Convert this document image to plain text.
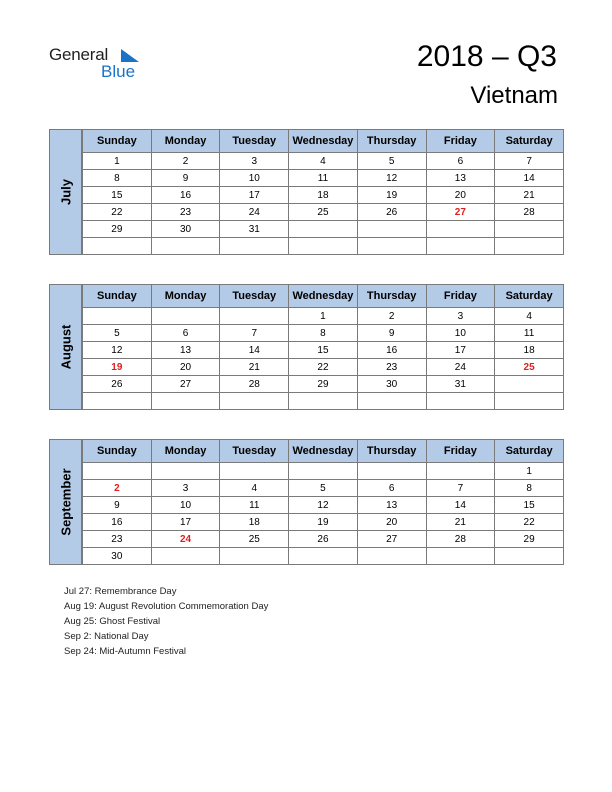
General
Blue	2018 – Q3
Vietnam
July
Sunday	Monday	Tuesday	Wednesday	Thursday	Friday	Saturday
1	2	3	4	5	6	7
8	9	10	11	12	13	14
15	16	17	18	19	20	21
22	23	24	25	26	27	28
29	30	31				

August
Sunday	Monday	Tuesday	Wednesday	Thursday	Friday	Saturday
			1	2	3	4
5	6	7	8	9	10	11
12	13	14	15	16	17	18
19	20	21	22	23	24	25
26	27	28	29	30	31	

September
Sunday	Monday	Tuesday	Wednesday	Thursday	Friday	Saturday
						1
2	3	4	5	6	7	8
9	10	11	12	13	14	15
16	17	18	19	20	21	22
23	24	25	26	27	28	29
30						
Jul 27: Remembrance Day
Aug 19: August Revolution Commemoration Day
Aug 25: Ghost Festival
Sep 2: National Day
Sep 24: Mid-Autumn Festival
